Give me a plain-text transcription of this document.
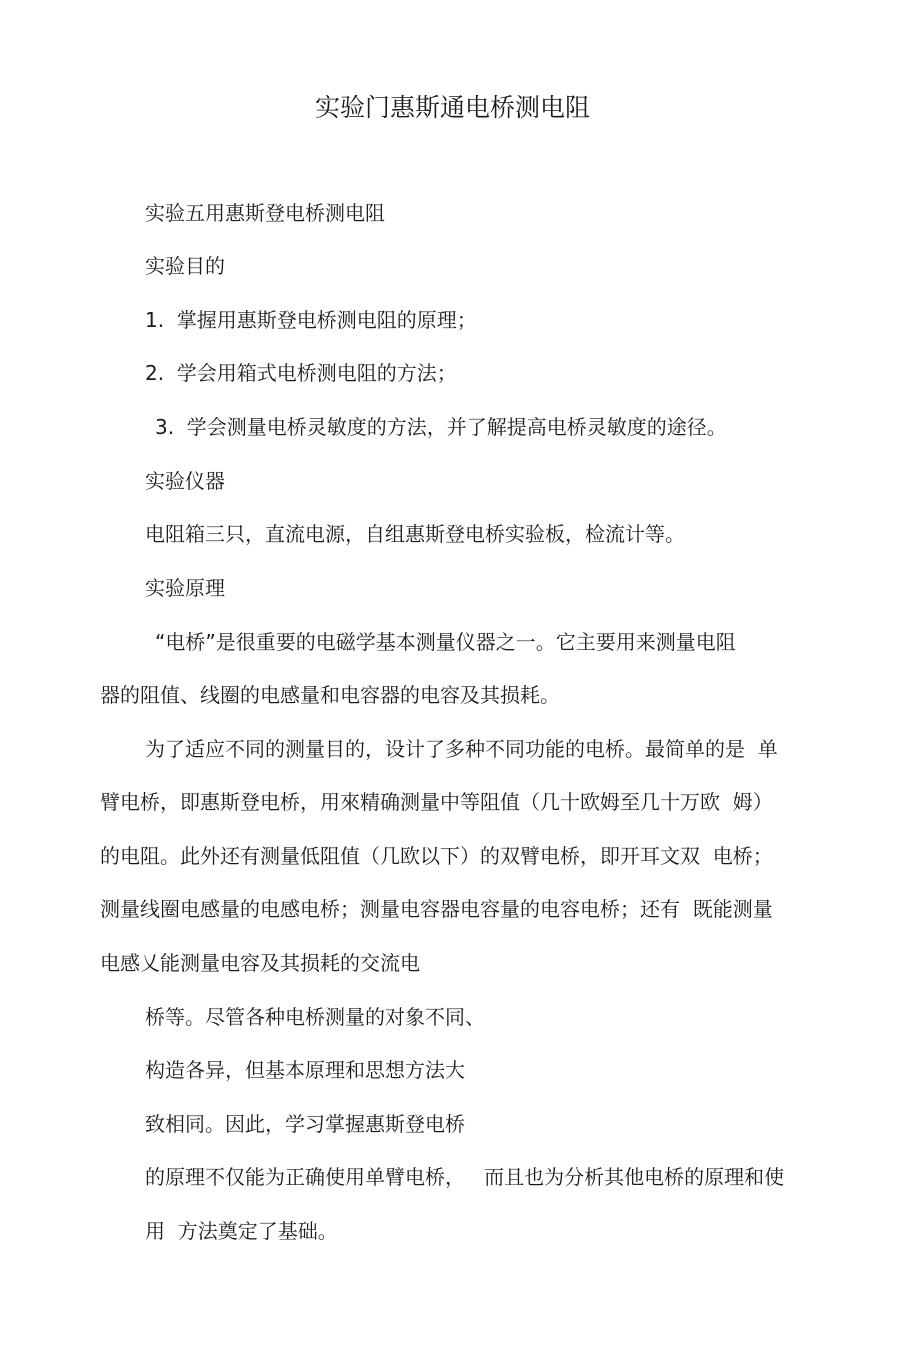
实验门惠斯通电桥测电阻
实验五用惠斯登电桥测电阻
实验目的
1.  掌握用惠斯登电桥测电阻的原理；
2.  学会用箱式电桥测电阻的方法；
3.  学会测量电桥灵敏度的方法，并了解提高电桥灵敏度的途径。
实验仪器
电阻箱三只，直流电源，自组惠斯登电桥实验板，检流计等。
实验原理
“电桥”是很重要的电磁学基本测量仪器之一。它主要用来测量电阻
器的阻值、线圈的电感量和电容器的电容及其损耗。
为了适应不同的测量目的，设计了多种不同功能的电桥。最简单的是  单
臂电桥，即惠斯登电桥，用來精确测量中等阻值（几十欧姆至几十万欧  姆）
的电阻。此外还有测量低阻值（几欧以下）的双臂电桥，即开耳文双  电桥；
测量线圈电感量的电感电桥；测量电容器电容量的电容电桥；还有  既能测量
电感乂能测量电容及其损耗的交流电
桥等。尽管各种电桥测量的对象不同、
构造各异，但基本原理和思想方法大
致相同。因此，学习掌握惠斯登电桥
的原理不仅能为正确使用单臂电桥，   而且也为分析其他电桥的原理和使
用  方法奠定了基础。
